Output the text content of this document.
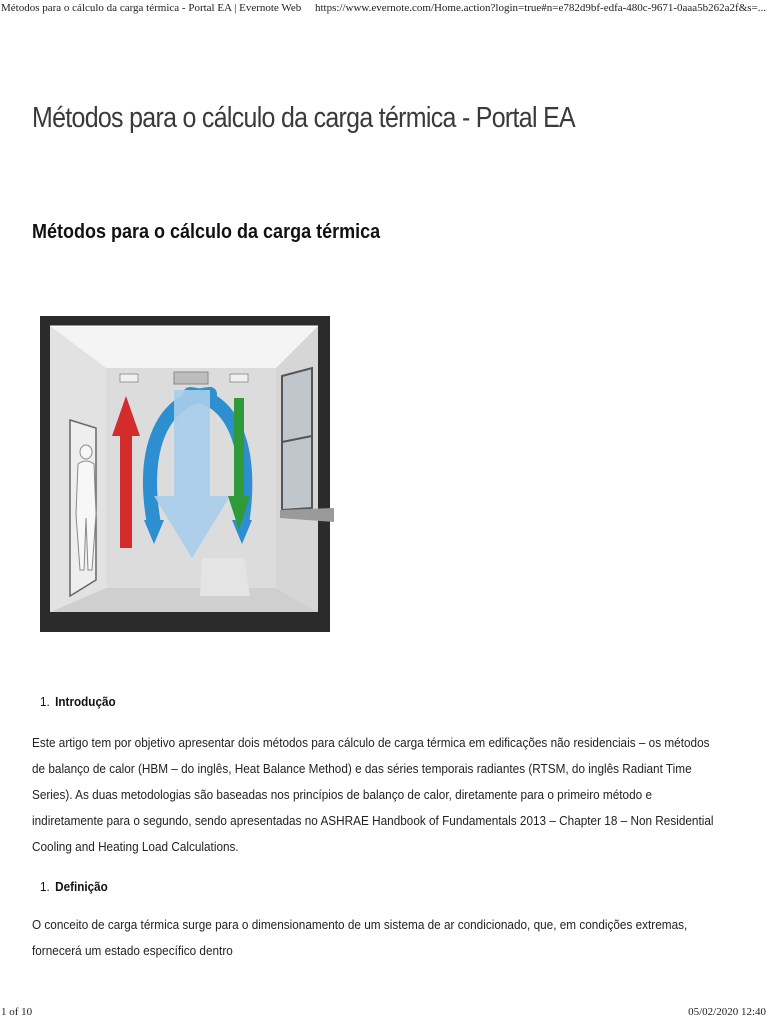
Métodos para o cálculo da carga térmica - Portal EA | Evernote Web https://www.evernote.com/Home.action?login=true#n=e782d9bf-edfa-480c-9671-0aaa5b262a2f&s=...
Métodos para o cálculo da carga térmica - Portal EA
Métodos para o cálculo da carga térmica
1. Introdução
Este artigo tem por objetivo apresentar dois métodos para cálculo de carga térmica em edificações não residenciais – os métodos de balanço de calor (HBM – do inglês, Heat Balance Method) e das séries temporais radiantes (RTSM, do inglês Radiant Time Series). As duas metodologias são baseadas nos princípios de balanço de calor, diretamente para o primeiro método e indiretamente para o segundo, sendo apresentadas no ASHRAE Handbook of Fundamentals 2013 – Chapter 18 – Non Residential Cooling and Heating Load Calculations.
1. Definição
O conceito de carga térmica surge para o dimensionamento de um sistema de ar condicionado, que, em condições extremas, fornecerá um estado específico dentro
1 of 10	05/02/2020 12:40
